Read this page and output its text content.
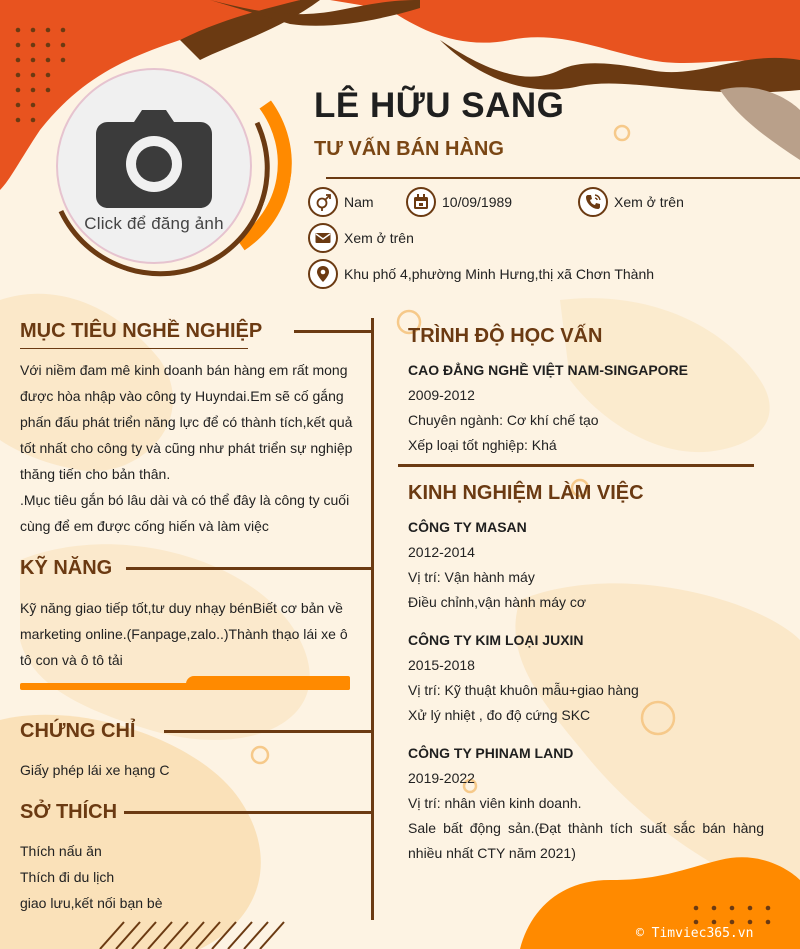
Click để đăng ảnh
LÊ HỮU SANG
TƯ VẤN BÁN HÀNG
Nam	10/09/1989	Xem ở trên
Xem ở trên
Khu phố 4,phường Minh Hưng,thị xã Chơn Thành
MỤC TIÊU NGHỀ NGHIỆP
Với niềm đam mê kinh doanh bán hàng em rất mong
được hòa nhập vào công ty Huyndai.Em sẽ cố gắng
phấn đấu phát triển năng lực để có thành tích,kết quả
tốt nhất cho công ty và cũng như phát triển sự nghiệp
thăng tiến cho bản thân.
.Mục tiêu gắn bó lâu dài và có thể đây là công ty cuối
cùng để em được cống hiến và làm việc
KỸ NĂNG
Kỹ năng giao tiếp tốt,tư duy nhạy bénBiết cơ bản về
marketing online.(Fanpage,zalo..)Thành thạo lái xe ô
tô con và ô tô tải
CHỨNG CHỈ
Giấy phép lái xe hạng C
SỞ THÍCH
Thích nấu ăn
Thích đi du lịch
giao lưu,kết nối bạn bè
TRÌNH ĐỘ HỌC VẤN
CAO ĐẲNG NGHỀ VIỆT NAM-SINGAPORE
2009-2012
Chuyên ngành: Cơ khí chế tạo
Xếp loại tốt nghiệp: Khá
KINH NGHIỆM LÀM VIỆC
CÔNG TY MASAN
2012-2014
Vị trí: Vận hành máy
Điều chỉnh,vận hành máy cơ
CÔNG TY KIM LOẠI JUXIN
2015-2018
Vị trí: Kỹ thuật khuôn mẫu+giao hàng
Xử lý nhiệt , đo độ cứng SKC
CÔNG TY PHINAM LAND
2019-2022
Vị trí: nhân viên kinh doanh.
Sale bất động sản.(Đạt thành tích suất sắc bán hàng nhiều nhất CTY năm 2021)
© Timviec365.vn
